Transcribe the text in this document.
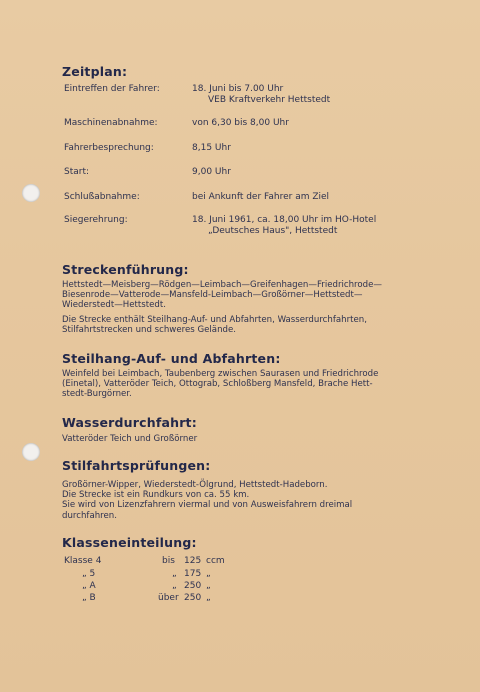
Zeitplan:
Eintreffen der Fahrer:	18. Juni bis 7.00 Uhr
VEB Kraftverkehr Hettstedt
Maschinenabnahme:	von 6,30 bis 8,00 Uhr
Fahrerbesprechung:	8,15 Uhr
Start:	9,00 Uhr
Schlußabnahme:	bei Ankunft der Fahrer am Ziel
Siegerehrung:	18. Juni 1961, ca. 18,00 Uhr im HO-Hotel
„Deutsches Haus", Hettstedt
Streckenführung:
Hettstedt—Meisberg—Rödgen—Leimbach—Greifenhagen—Friedrichrode—
Biesenrode—Vatterode—Mansfeld-Leimbach—Großörner—Hettstedt—
Wiederstedt—Hettstedt.
Die Strecke enthält Steilhang-Auf- und Abfahrten, Wasserdurchfahrten,
Stilfahrtstrecken und schweres Gelände.
Steilhang-Auf- und Abfahrten:
Weinfeld bei Leimbach, Taubenberg zwischen Saurasen und Friedrichrode
(Einetal), Vatteröder Teich, Ottograb, Schloßberg Mansfeld, Brache Hett-
stedt-Burgörner.
Wasserdurchfahrt:
Vatteröder Teich und Großörner
Stilfahrtsprüfungen:
Großörner-Wipper, Wiederstedt-Ölgrund, Hettstedt-Hadeborn.
Die Strecke ist ein Rundkurs von ca. 55 km.
Sie wird von Lizenzfahrern viermal und von Ausweisfahrern dreimal
durchfahren.
Klasseneinteilung:
Klasse 4	bis 125 ccm
„ 5	„ 175 „
„ A	„ 250 „
„ B	über 250 „
